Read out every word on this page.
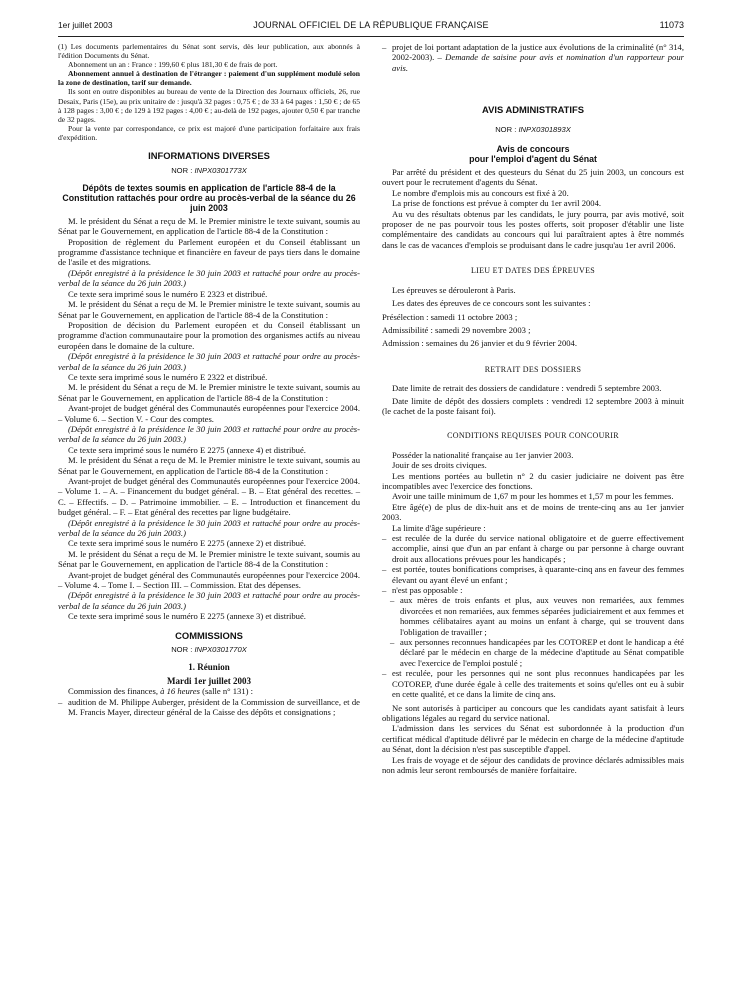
JOURNAL OFFICIEL DE LA RÉPUBLIQUE FRANÇAISE
1er juillet 2003	11073

(1) Les documents parlementaires du Sénat sont servis, dès leur publication, aux abonnés à l'édition Documents du Sénat.

Abonnement un an : France : 199,60 € plus 181,30 € de frais de port.

Abonnement annuel à destination de l'étranger : paiement d'un supplément modulé selon la zone de destination, tarif sur demande.

Ils sont en outre disponibles au bureau de vente de la Direction des Journaux officiels, 26, rue Desaix, Paris (15e), au prix unitaire de : jusqu'à 32 pages : 0,75 € ; de 33 à 64 pages : 1,50 € ; de 65 à 128 pages : 3,00 € ; de 129 à 192 pages : 4,00 € ; au-delà de 192 pages, ajouter 0,50 € par tranche de 32 pages.

Pour la vente par correspondance, ce prix est majoré d'une participation forfaitaire aux frais d'expédition.

INFORMATIONS DIVERSES

NOR : INPX0301773X

Dépôts de textes soumis en application de l'article 88-4 de la Constitution rattachés pour ordre au procès-verbal de la séance du 26 juin 2003

M. le président du Sénat a reçu de M. le Premier ministre le texte suivant, soumis au Sénat par le Gouvernement, en application de l'article 88-4 de la Constitution :

Proposition de règlement du Parlement européen et du Conseil établissant un programme d'assistance technique et financière en faveur de pays tiers dans le domaine de l'asile et des migrations.

(Dépôt enregistré à la présidence le 30 juin 2003 et rattaché pour ordre au procès-verbal de la séance du 26 juin 2003.)

Ce texte sera imprimé sous le numéro E 2323 et distribué.

M. le président du Sénat a reçu de M. le Premier ministre le texte suivant, soumis au Sénat par le Gouvernement, en application de l'article 88-4 de la Constitution :

Proposition de décision du Parlement européen et du Conseil établissant un programme d'action communautaire pour la promotion des organismes actifs au niveau européen dans le domaine de la culture.

(Dépôt enregistré à la présidence le 30 juin 2003 et rattaché pour ordre au procès-verbal de la séance du 26 juin 2003.)

Ce texte sera imprimé sous le numéro E 2322 et distribué.

M. le président du Sénat a reçu de M. le Premier ministre le texte suivant, soumis au Sénat par le Gouvernement, en application de l'article 88-4 de la Constitution :

Avant-projet de budget général des Communautés européennes pour l'exercice 2004. – Volume 6. – Section V. - Cour des comptes.

(Dépôt enregistré à la présidence le 30 juin 2003 et rattaché pour ordre au procès-verbal de la séance du 26 juin 2003.)

Ce texte sera imprimé sous le numéro E 2275 (annexe 4) et distribué.

M. le président du Sénat a reçu de M. le Premier ministre le texte suivant, soumis au Sénat par le Gouvernement, en application de l'article 88-4 de la Constitution :

Avant-projet de budget général des Communautés européennes pour l'exercice 2004. – Volume 1. – A. – Financement du budget général. – B. – Etat général des recettes. – C. – Effectifs. – D. – Patrimoine immobilier. – E. – Introduction et financement du budget général. – F. – Etat général des recettes par ligne budgétaire.

(Dépôt enregistré à la présidence le 30 juin 2003 et rattaché pour ordre au procès-verbal de la séance du 26 juin 2003.)

Ce texte sera imprimé sous le numéro E 2275 (annexe 2) et distribué.

M. le président du Sénat a reçu de M. le Premier ministre le texte suivant, soumis au Sénat par le Gouvernement, en application de l'article 88-4 de la Constitution :

Avant-projet de budget général des Communautés européennes pour l'exercice 2004. – Volume 4. – Tome I. – Section III. – Commission. Etat des dépenses.

(Dépôt enregistré à la présidence le 30 juin 2003 et rattaché pour ordre au procès-verbal de la séance du 26 juin 2003.)

Ce texte sera imprimé sous le numéro E 2275 (annexe 3) et distribué.

COMMISSIONS

NOR : INPX0301770X

1. Réunion

Mardi 1er juillet 2003

Commission des finances, à 16 heures (salle n° 131) :

– audition de M. Philippe Auberger, président de la Commission de surveillance, et de M. Francis Mayer, directeur général de la Caisse des dépôts et consignations ;
– projet de loi portant adaptation de la justice aux évolutions de la criminalité (n° 314, 2002-2003). – Demande de saisine pour avis et nomination d'un rapporteur pour avis.

AVIS ADMINISTRATIFS

NOR : INPX0301893X

Avis de concours

pour l'emploi d'agent du Sénat

Par arrêté du président et des questeurs du Sénat du 25 juin 2003, un concours est ouvert pour le recrutement d'agents du Sénat.

Le nombre d'emplois mis au concours est fixé à 20.

La prise de fonctions est prévue à compter du 1er avril 2004.

Au vu des résultats obtenus par les candidats, le jury pourra, par avis motivé, soit proposer de ne pas pourvoir tous les postes offerts, soit proposer d'établir une liste complémentaire des candidats au concours qui lui paraîtraient aptes à être nommés dans le cas de vacances d'emplois se produisant dans le cadre jusqu'au 1er avril 2006.

LIEU ET DATES DES ÉPREUVES

Les épreuves se dérouleront à Paris.

Les dates des épreuves de ce concours sont les suivantes :

Présélection : samedi 11 octobre 2003 ;

Admissibilité : samedi 29 novembre 2003 ;

Admission : semaines du 26 janvier et du 9 février 2004.

RETRAIT DES DOSSIERS

Date limite de retrait des dossiers de candidature : vendredi 5 septembre 2003.

Date limite de dépôt des dossiers complets : vendredi 12 septembre 2003 à minuit (le cachet de la poste faisant foi).

CONDITIONS REQUISES POUR CONCOURIR

Posséder la nationalité française au 1er janvier 2003.

Jouir de ses droits civiques.

Les mentions portées au bulletin n° 2 du casier judiciaire ne doivent pas être incompatibles avec l'exercice des fonctions.

Avoir une taille minimum de 1,67 m pour les hommes et 1,57 m pour les femmes.

Etre âgé(e) de plus de dix-huit ans et de moins de trente-cinq ans au 1er janvier 2003.

La limite d'âge supérieure :

– est reculée de la durée du service national obligatoire et de guerre effectivement accomplie, ainsi que d'un an par enfant à charge ou par personne à charge ouvrant droit aux allocations prévues pour les handicapés ;
– est portée, toutes bonifications comprises, à quarante-cinq ans en faveur des femmes élevant ou ayant élevé un enfant ;
– n'est pas opposable :
– aux mères de trois enfants et plus, aux veuves non remariées, aux femmes divorcées et non remariées, aux femmes séparées judiciairement et aux femmes et hommes célibataires ayant au moins un enfant à charge, qui se trouvent dans l'obligation de travailler ;
– aux personnes reconnues handicapées par les COTOREP et dont le handicap a été déclaré par le médecin en charge de la médecine d'aptitude au Sénat compatible avec l'exercice de l'emploi postulé ;
– est reculée, pour les personnes qui ne sont plus reconnues handicapées par les COTOREP, d'une durée égale à celle des traitements et soins qu'elles ont eu à subir en cette qualité, et ce dans la limite de cinq ans.

Ne sont autorisés à participer au concours que les candidats ayant satisfait à leurs obligations légales au regard du service national.

L'admission dans les services du Sénat est subordonnée à la production d'un certificat médical d'aptitude délivré par le médecin en charge de la médecine d'aptitude au Sénat, dont la décision n'est pas susceptible d'appel.

Les frais de voyage et de séjour des candidats de province déclarés admissibles mais non admis leur seront remboursés de manière forfaitaire.
